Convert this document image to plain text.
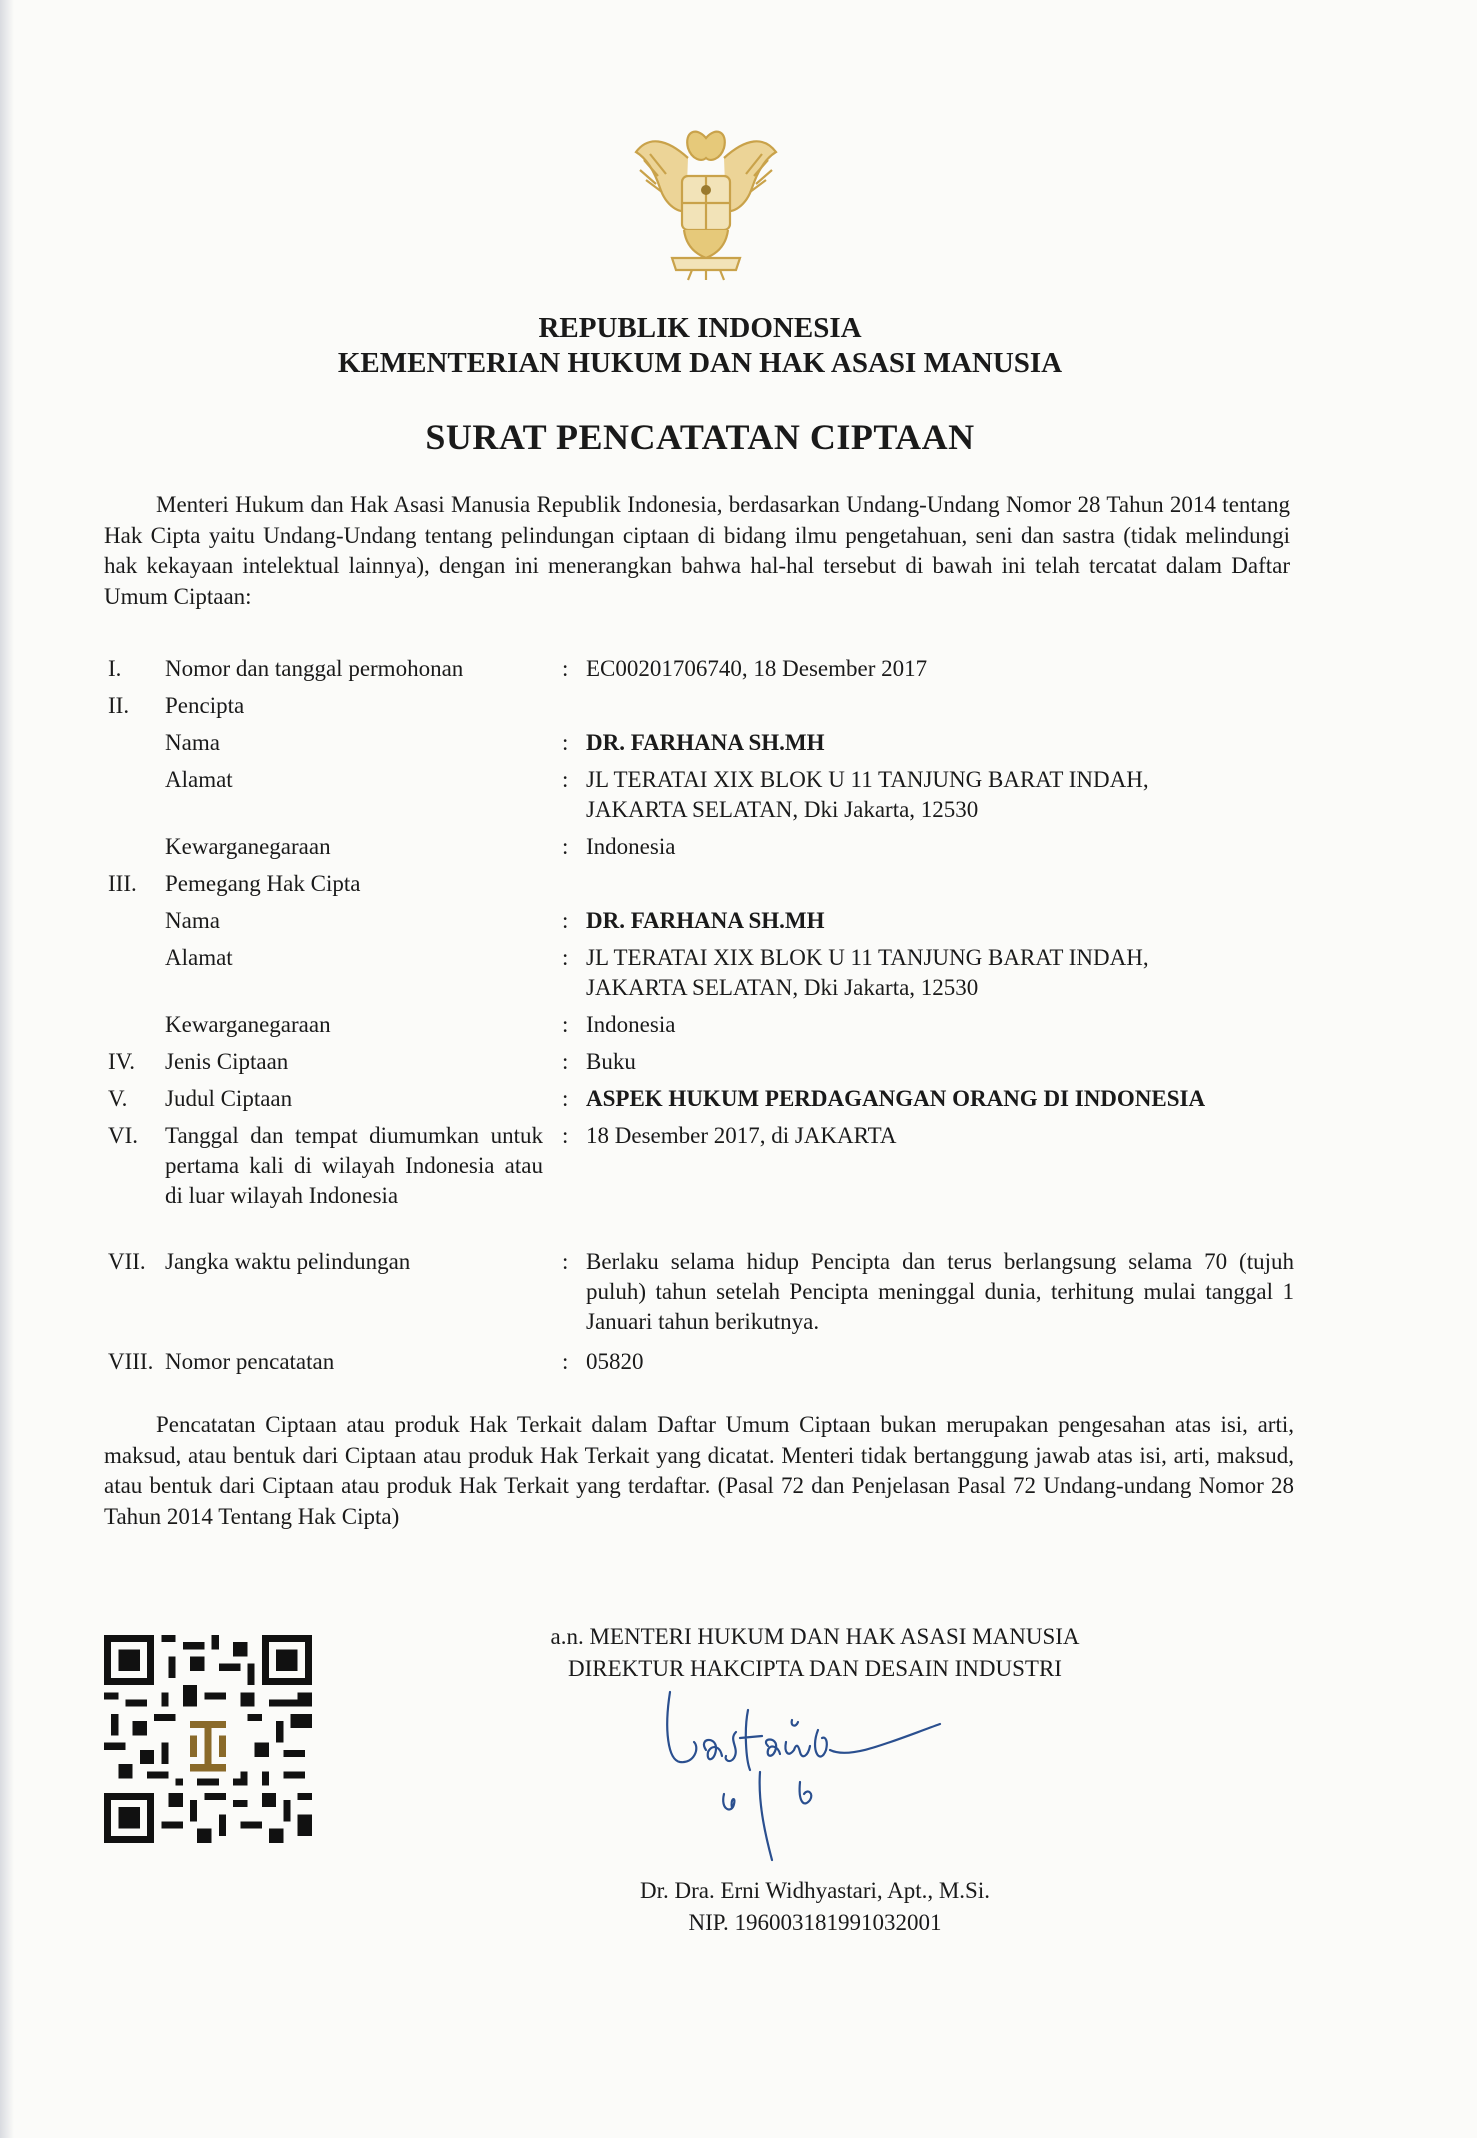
REPUBLIK INDONESIA
KEMENTERIAN HUKUM DAN HAK ASASI MANUSIA
SURAT PENCATATAN CIPTAAN

Menteri Hukum dan Hak Asasi Manusia Republik Indonesia, berdasarkan Undang-Undang Nomor 28 Tahun 2014 tentang Hak Cipta yaitu Undang-Undang tentang pelindungan ciptaan di bidang ilmu pengetahuan, seni dan sastra (tidak melindungi hak kekayaan intelektual lainnya), dengan ini menerangkan bahwa hal-hal tersebut di bawah ini telah tercatat dalam Daftar Umum Ciptaan:

I.	Nomor dan tanggal permohonan	: EC00201706740, 18 Desember 2017
II.	Pencipta
Nama	: DR. FARHANA SH.MH
Alamat	: JL TERATAI XIX BLOK U 11 TANJUNG BARAT INDAH,
JAKARTA SELATAN, Dki Jakarta, 12530
Kewarganegaraan	: Indonesia
III.	Pemegang Hak Cipta
Nama	: DR. FARHANA SH.MH
Alamat	: JL TERATAI XIX BLOK U 11 TANJUNG BARAT INDAH,
JAKARTA SELATAN, Dki Jakarta, 12530
Kewarganegaraan	: Indonesia
IV.	Jenis Ciptaan	: Buku
V.	Judul Ciptaan	: ASPEK HUKUM PERDAGANGAN ORANG DI INDONESIA
VI.	Tanggal dan tempat diumumkan untuk pertama kali di wilayah Indonesia atau di luar wilayah Indonesia
: 18 Desember 2017, di JAKARTA
VII. Jangka waktu pelindungan	: Berlaku selama hidup Pencipta dan terus berlangsung selama 70 (tujuh puluh) tahun setelah Pencipta meninggal dunia, terhitung mulai tanggal 1 Januari tahun berikutnya.
VIII. Nomor pencatatan	: 05820

Pencatatan Ciptaan atau produk Hak Terkait dalam Daftar Umum Ciptaan bukan merupakan pengesahan atas isi, arti, maksud, atau bentuk dari Ciptaan atau produk Hak Terkait yang dicatat. Menteri tidak bertanggung jawab atas isi, arti, maksud, atau bentuk dari Ciptaan atau produk Hak Terkait yang terdaftar. (Pasal 72 dan Penjelasan Pasal 72 Undang-undang Nomor 28 Tahun 2014 Tentang Hak Cipta)

a.n. MENTERI HUKUM DAN HAK ASASI MANUSIA

DIREKTUR HAKCIPTA DAN DESAIN INDUSTRI

Dr. Dra. Erni Widhyastari, Apt., M.Si.

NIP. 196003181991032001
